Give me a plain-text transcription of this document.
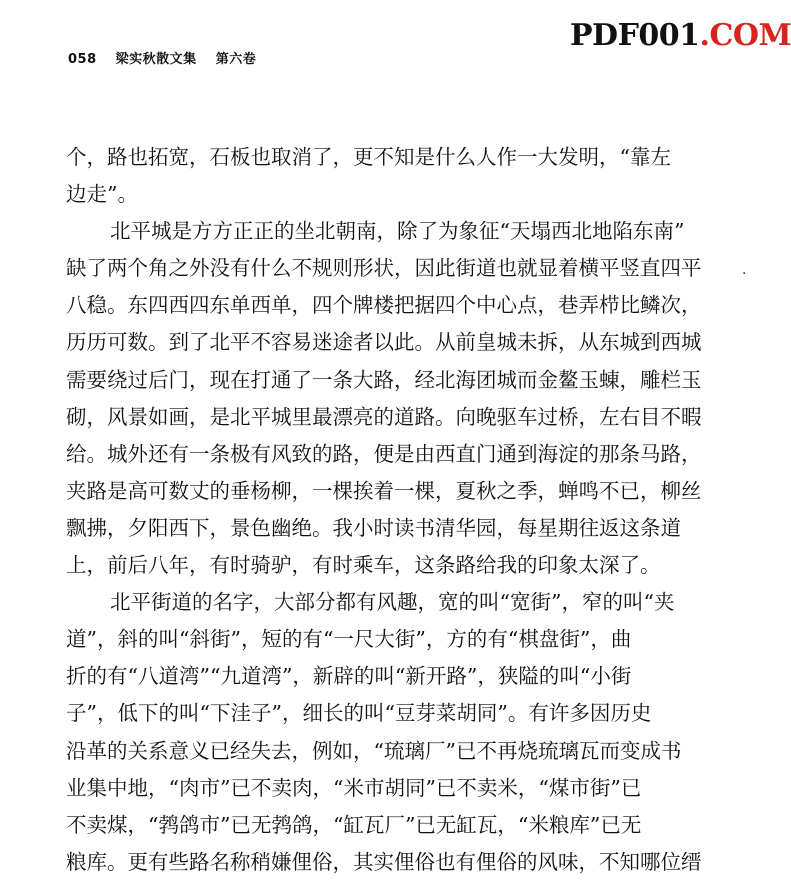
058 梁实秋散文集 第六卷
PDF001.COM
·
个，路也拓宽，石板也取消了，更不知是什么人作一大发明，“靠左
边走”。
北平城是方方正正的坐北朝南，除了为象征“天塌西北地陷东南”
缺了两个角之外没有什么不规则形状，因此街道也就显着横平竖直四平
八稳。东四西四东单西单，四个牌楼把据四个中心点，巷弄栉比鳞次，
历历可数。到了北平不容易迷途者以此。从前皇城未拆，从东城到西城
需要绕过后门，现在打通了一条大路，经北海团城而金鳌玉蝀，雕栏玉
砌，风景如画，是北平城里最漂亮的道路。向晚驱车过桥，左右目不暇
给。城外还有一条极有风致的路，便是由西直门通到海淀的那条马路，
夹路是高可数丈的垂杨柳，一棵挨着一棵，夏秋之季，蝉鸣不已，柳丝
飘拂，夕阳西下，景色幽绝。我小时读书清华园，每星期往返这条道
上，前后八年，有时骑驴，有时乘车，这条路给我的印象太深了。
北平街道的名字，大部分都有风趣，宽的叫“宽街”，窄的叫“夹
道”，斜的叫“斜街”，短的有“一尺大街”，方的有“棋盘街”，曲
折的有“八道湾”“九道湾”，新辟的叫“新开路”，狭隘的叫“小街
子”，低下的叫“下洼子”，细长的叫“豆芽菜胡同”。有许多因历史
沿革的关系意义已经失去，例如，“琉璃厂”已不再烧琉璃瓦而变成书
业集中地，“肉市”已不卖肉，“米市胡同”已不卖米，“煤市街”已
不卖煤，“鹁鸽市”已无鹁鸽，“缸瓦厂”已无缸瓦，“米粮库”已无
粮库。更有些路名称稍嫌俚俗，其实俚俗也有俚俗的风味，不知哪位缙
